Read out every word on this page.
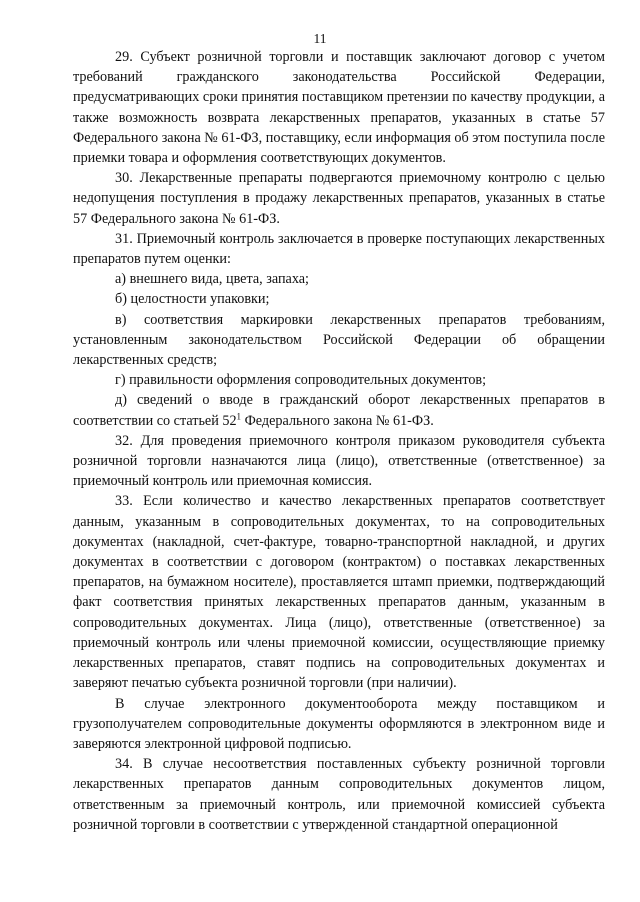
11

29. Субъект розничной торговли и поставщик заключают договор с учетом требований гражданского законодательства Российской Федерации, предусматривающих сроки принятия поставщиком претензии по качеству продукции, а также возможность возврата лекарственных препаратов, указанных в статье 57 Федерального закона № 61-ФЗ, поставщику, если информация об этом поступила после приемки товара и оформления соответствующих документов.

30. Лекарственные препараты подвергаются приемочному контролю с целью недопущения поступления в продажу лекарственных препаратов, указанных в статье 57 Федерального закона № 61-ФЗ.

31. Приемочный контроль заключается в проверке поступающих лекарственных препаратов путем оценки:

а) внешнего вида, цвета, запаха;

б) целостности упаковки;

в) соответствия маркировки лекарственных препаратов требованиям, установленным законодательством Российской Федерации об обращении лекарственных средств;

г) правильности оформления сопроводительных документов;

д) сведений о вводе в гражданский оборот лекарственных препаратов в соответствии со статьей $52^1$ Федерального закона № 61-ФЗ.

32. Для проведения приемочного контроля приказом руководителя субъекта розничной торговли назначаются лица (лицо), ответственные (ответственное) за приемочный контроль или приемочная комиссия.

33. Если количество и качество лекарственных препаратов соответствует данным, указанным в сопроводительных документах, то на сопроводительных документах (накладной, счет-фактуре, товарно-транспортной накладной, и других документах в соответствии с договором (контрактом) о поставках лекарственных препаратов, на бумажном носителе), проставляется штамп приемки, подтверждающий факт соответствия принятых лекарственных препаратов данным, указанным в сопроводительных документах. Лица (лицо), ответственные (ответственное) за приемочный контроль или члены приемочной комиссии, осуществляющие приемку лекарственных препаратов, ставят подпись на сопроводительных документах и заверяют печатью субъекта розничной торговли (при наличии).

В случае электронного документооборота между поставщиком и грузополучателем сопроводительные документы оформляются в электронном виде и заверяются электронной цифровой подписью.

34. В случае несоответствия поставленных субъекту розничной торговли лекарственных препаратов данным сопроводительных документов лицом, ответственным за приемочный контроль, или приемочной комиссией субъекта розничной торговли в соответствии с утвержденной стандартной операционной
